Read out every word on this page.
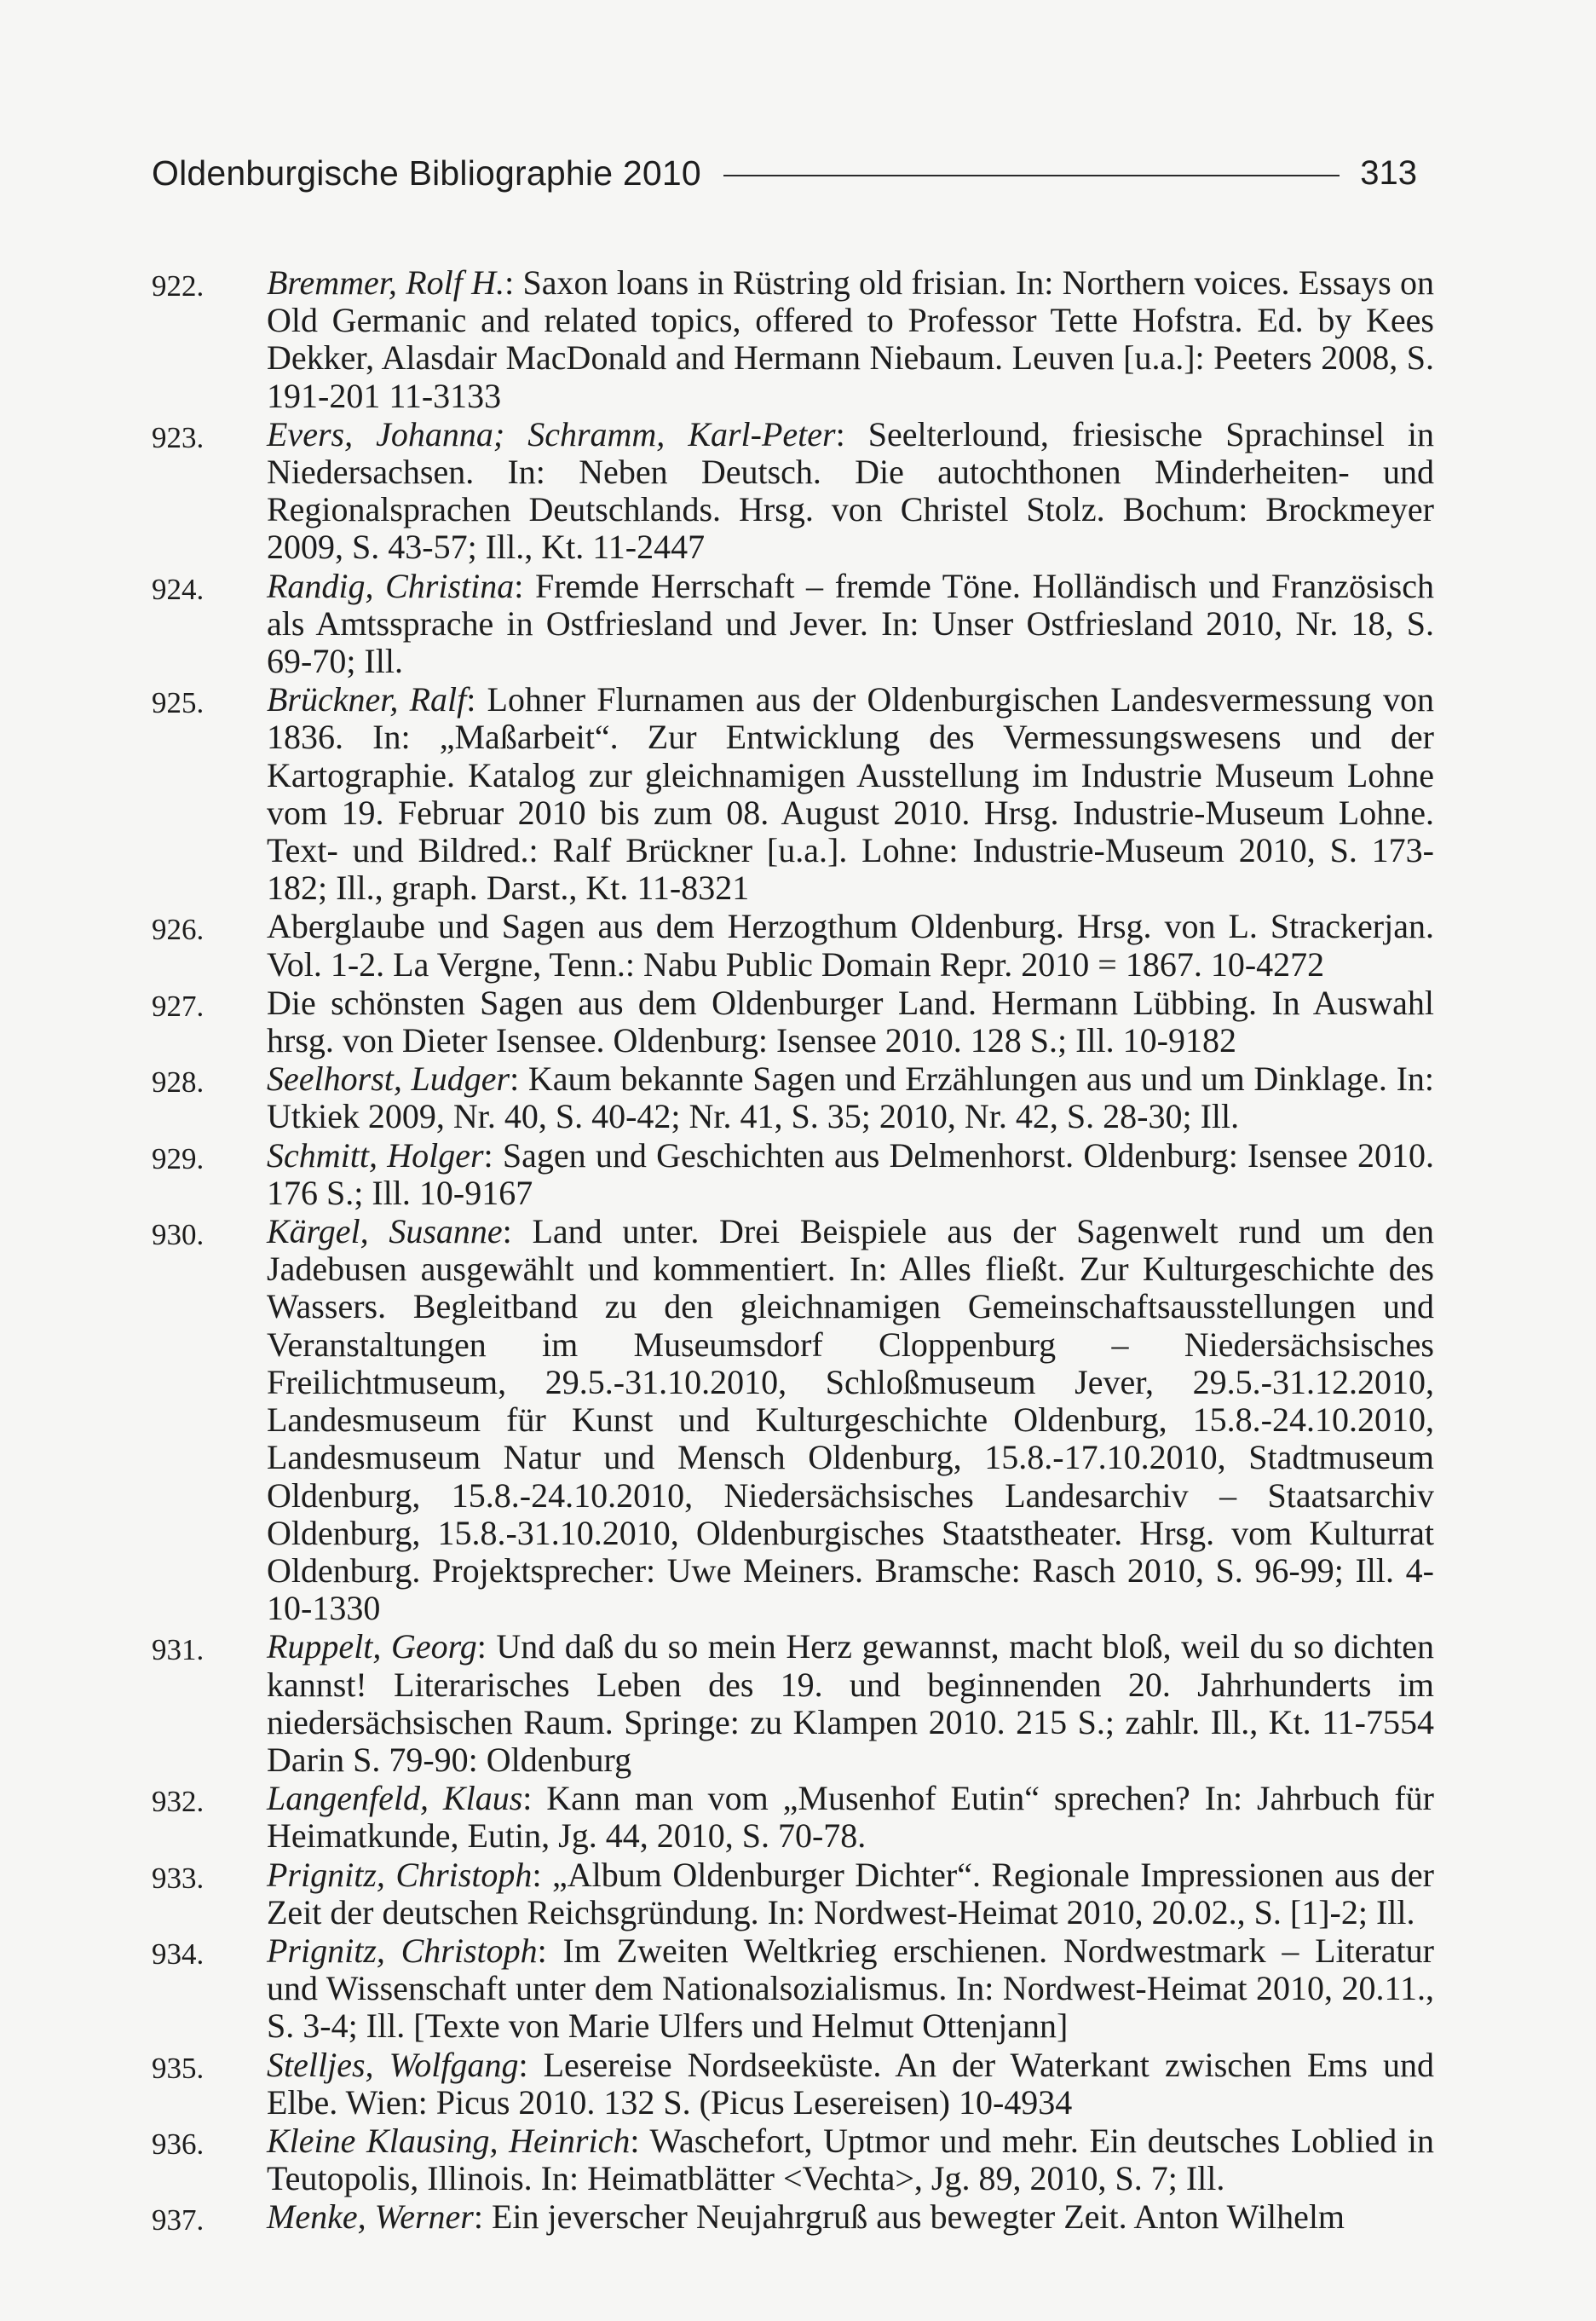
Oldenburgische Bibliographie 2010	313
922.	Bremmer, Rolf H.: Saxon loans in Rüstring old frisian. In: Northern voices. Essays on Old Germanic and related topics, offered to Professor Tette Hofstra. Ed. by Kees Dekker, Alasdair MacDonald and Hermann Niebaum. Leuven [u.a.]: Peeters 2008, S. 191-201 11-3133
923.	Evers, Johanna; Schramm, Karl-Peter: Seelterlound, friesische Sprachinsel in Niedersachsen. In: Neben Deutsch. Die autochthonen Minderheiten- und Regionalsprachen Deutschlands. Hrsg. von Christel Stolz. Bochum: Brockmeyer 2009, S. 43-57; Ill., Kt. 11-2447
924.	Randig, Christina: Fremde Herrschaft – fremde Töne. Holländisch und Französisch als Amtssprache in Ostfriesland und Jever. In: Unser Ostfriesland 2010, Nr. 18, S. 69-70; Ill.
925.	Brückner, Ralf: Lohner Flurnamen aus der Oldenburgischen Landesvermessung von 1836. In: „Maßarbeit“. Zur Entwicklung des Vermessungswesens und der Kartographie. Katalog zur gleichnamigen Ausstellung im Industrie Museum Lohne vom 19. Februar 2010 bis zum 08. August 2010. Hrsg. Industrie-Museum Lohne. Text- und Bildred.: Ralf Brückner [u.a.]. Lohne: Industrie-Museum 2010, S. 173-182; Ill., graph. Darst., Kt. 11-8321
926.	Aberglaube und Sagen aus dem Herzogthum Oldenburg. Hrsg. von L. Strackerjan. Vol. 1-2. La Vergne, Tenn.: Nabu Public Domain Repr. 2010 = 1867. 10-4272
927.	Die schönsten Sagen aus dem Oldenburger Land. Hermann Lübbing. In Auswahl hrsg. von Dieter Isensee. Oldenburg: Isensee 2010. 128 S.; Ill. 10-9182
928.	Seelhorst, Ludger: Kaum bekannte Sagen und Erzählungen aus und um Dinklage. In: Utkiek 2009, Nr. 40, S. 40-42; Nr. 41, S. 35; 2010, Nr. 42, S. 28-30; Ill.
929.	Schmitt, Holger: Sagen und Geschichten aus Delmenhorst. Oldenburg: Isensee 2010. 176 S.; Ill. 10-9167
930.	Kärgel, Susanne: Land unter. Drei Beispiele aus der Sagenwelt rund um den Jadebusen ausgewählt und kommentiert. In: Alles fließt. Zur Kulturgeschichte des Wassers. Begleitband zu den gleichnamigen Gemeinschaftsausstellungen und Veranstaltungen im Museumsdorf Cloppenburg – Niedersächsisches Freilichtmuseum, 29.5.-31.10.2010, Schloßmuseum Jever, 29.5.-31.12.2010, Landesmuseum für Kunst und Kulturgeschichte Oldenburg, 15.8.-24.10.2010, Landesmuseum Natur und Mensch Oldenburg, 15.8.-17.10.2010, Stadtmuseum Oldenburg, 15.8.-24.10.2010, Niedersächsisches Landesarchiv – Staatsarchiv Oldenburg, 15.8.-31.10.2010, Oldenburgisches Staatstheater. Hrsg. vom Kulturrat Oldenburg. Projektsprecher: Uwe Meiners. Bramsche: Rasch 2010, S. 96-99; Ill. 4-10-1330
931.	Ruppelt, Georg: Und daß du so mein Herz gewannst, macht bloß, weil du so dichten kannst! Literarisches Leben des 19. und beginnenden 20. Jahrhunderts im niedersächsischen Raum. Springe: zu Klampen 2010. 215 S.; zahlr. Ill., Kt. 11-7554 Darin S. 79-90: Oldenburg
932.	Langenfeld, Klaus: Kann man vom „Musenhof Eutin“ sprechen? In: Jahrbuch für Heimatkunde, Eutin, Jg. 44, 2010, S. 70-78.
933.	Prignitz, Christoph: „Album Oldenburger Dichter“. Regionale Impressionen aus der Zeit der deutschen Reichsgründung. In: Nordwest-Heimat 2010, 20.02., S. [1]-2; Ill.
934.	Prignitz, Christoph: Im Zweiten Weltkrieg erschienen. Nordwestmark – Literatur und Wissenschaft unter dem Nationalsozialismus. In: Nordwest-Heimat 2010, 20.11., S. 3-4; Ill. [Texte von Marie Ulfers und Helmut Ottenjann]
935.	Stelljes, Wolfgang: Lesereise Nordseeküste. An der Waterkant zwischen Ems und Elbe. Wien: Picus 2010. 132 S. (Picus Lesereisen) 10-4934
936.	Kleine Klausing, Heinrich: Waschefort, Uptmor und mehr. Ein deutsches Loblied in Teutopolis, Illinois. In: Heimatblätter <Vechta>, Jg. 89, 2010, S. 7; Ill.
937.	Menke, Werner: Ein jeverscher Neujahrgruß aus bewegter Zeit. Anton Wilhelm
